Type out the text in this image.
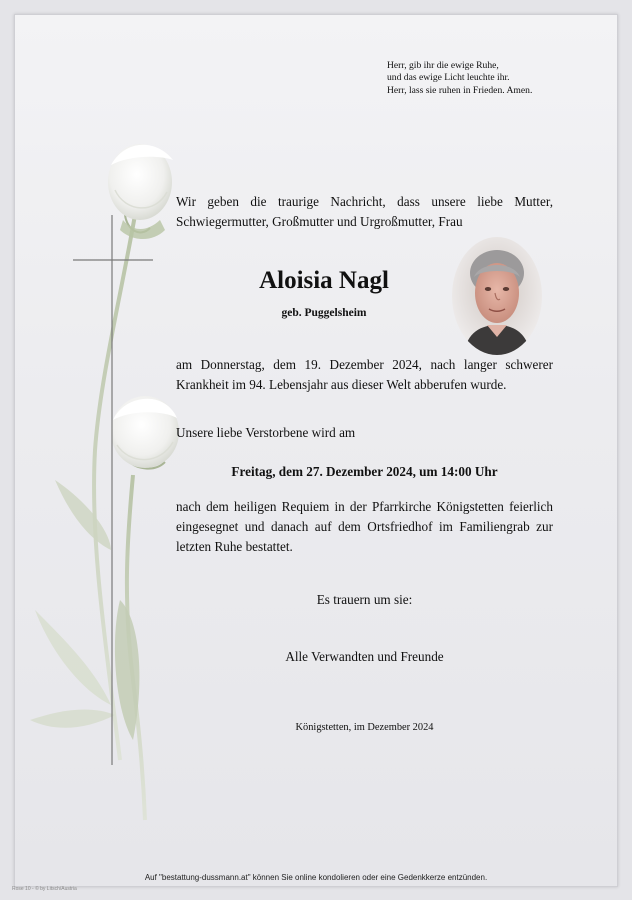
Herr, gib ihr die ewige Ruhe,
und das ewige Licht leuchte ihr.
Herr, lass sie ruhen in Frieden. Amen.
Wir geben die traurige Nachricht, dass unsere liebe Mutter,
Schwiegermutter, Großmutter und Urgroßmutter, Frau
Aloisia Nagl
geb. Puggelsheim
am Donnerstag, dem 19. Dezember 2024, nach langer schwerer
Krankheit im 94. Lebensjahr aus dieser Welt abberufen wurde.
Unsere liebe Verstorbene wird am
Freitag, dem 27. Dezember 2024, um 14:00 Uhr
nach dem heiligen Requiem in der Pfarrkirche Königstetten feierlich
eingesegnet und danach auf dem Ortsfriedhof im Familiengrab zur
letzten Ruhe bestattet.
Es trauern um sie:
Alle Verwandten und Freunde
Königstetten, im Dezember 2024
Auf "bestattung-dussmann.at" können Sie online kondolieren oder eine Gedenkkerze entzünden.
Rose 10 - © by Litsch/Austria
